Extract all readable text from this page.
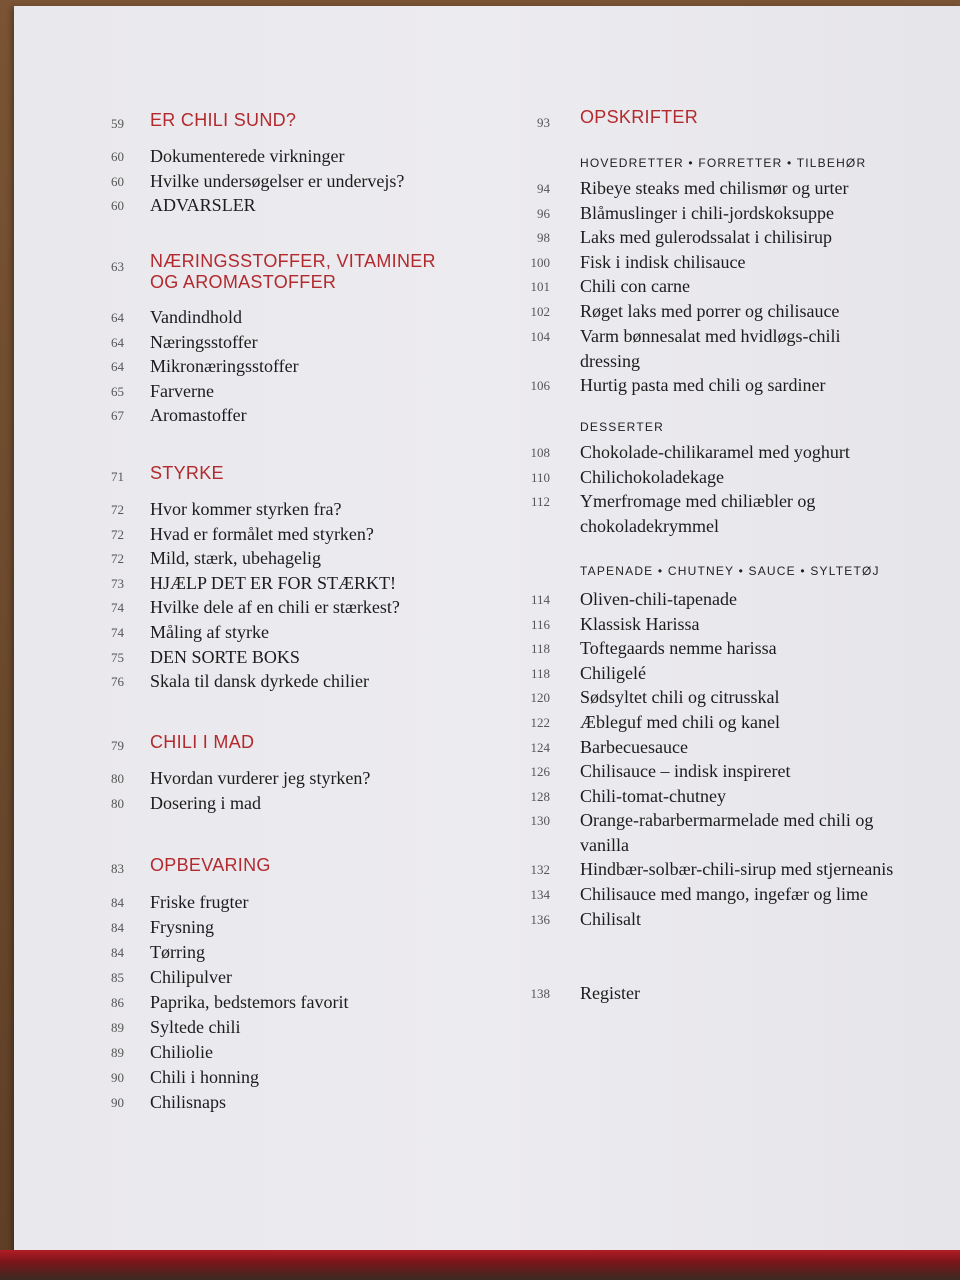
59 ER CHILI SUND?
60 Dokumenterede virkninger
60 Hvilke undersøgelser er undervejs?
60 ADVARSLER
63 NÆRINGSSTOFFER, VITAMINER
OG AROMASTOFFER
64 Vandindhold
64 Næringsstoffer
64 Mikronæringsstoffer
65 Farverne
67 Aromastoffer
71 STYRKE
72 Hvor kommer styrken fra?
72 Hvad er formålet med styrken?
72 Mild, stærk, ubehagelig
73 HJÆLP DET ER FOR STÆRKT!
74 Hvilke dele af en chili er stærkest?
74 Måling af styrke
75 DEN SORTE BOKS
76 Skala til dansk dyrkede chilier
79 CHILI I MAD
80 Hvordan vurderer jeg styrken?
80 Dosering i mad
83 OPBEVARING
84 Friske frugter
84 Frysning
84 Tørring
85 Chilipulver
86 Paprika, bedstemors favorit
89 Syltede chili
89 Chiliolie
90 Chili i honning
90 Chilisnaps
93 OPSKRIFTER
HOVEDRETTER • FORRETTER • TILBEHØR
94 Ribeye steaks med chilismør og urter
96 Blåmuslinger i chili-jordskoksuppe
98 Laks med gulerodssalat i chilisirup
100 Fisk i indisk chilisauce
101 Chili con carne
102 Røget laks med porrer og chilisauce
104 Varm bønnesalat med hvidløgs-chili
dressing
106 Hurtig pasta med chili og sardiner
DESSERTER
108 Chokolade-chilikaramel med yoghurt
110 Chilichokoladekage
112 Ymerfromage med chiliæbler og
chokoladekrymmel
TAPENADE • CHUTNEY • SAUCE • SYLTETØJ
114 Oliven-chili-tapenade
116 Klassisk Harissa
118 Toftegaards nemme harissa
118 Chiligelé
120 Sødsyltet chili og citrusskal
122 Æbleguf med chili og kanel
124 Barbecuesauce
126 Chilisauce – indisk inspireret
128 Chili-tomat-chutney
130 Orange-rabarbermarmelade med chili og
vanilla
132 Hindbær-solbær-chili-sirup med stjerneanis
134 Chilisauce med mango, ingefær og lime
136 Chilisalt
138 Register
